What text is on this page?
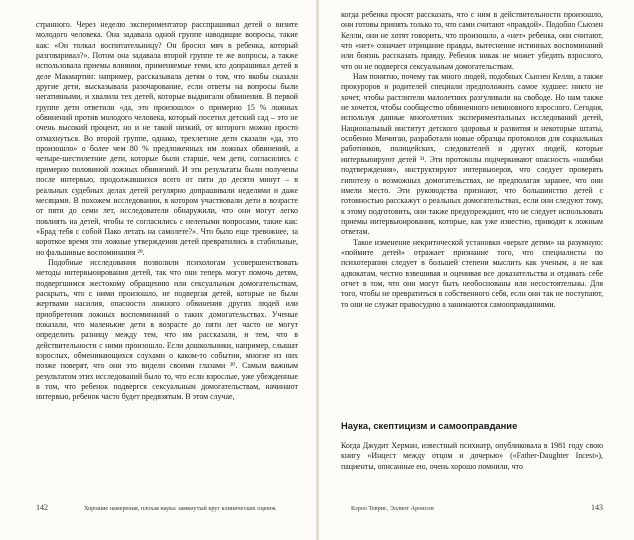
странного. Через неделю экспериментатор расспрашивал детей о визите молодого человека. Она задавала одной группе наводящие вопросы, такие как: «Он толкал воспитательницу? Он бросил мяч в ребенка, который разговаривал?». Потом она задавала второй группе те же вопросы, а также использовала приемы влияния, применяемые теми, кто допрашивал детей в деле Макмартин: например, рассказывала детям о том, что якобы сказали другие дети, высказывала разочарование, если ответы на вопросы были негативными, и хвалила тех детей, которые выдвигали обвинения. В первой группе дети ответили «да, это произошло» о примерно 15 % ложных обвинений против молодого человека, который посетил детский сад – это не очень высокий процент, но и не такой низкий, от которого можно просто отмахнуться. Во второй группе, однако, трехлетние дети сказали «да, это произошло» о более чем 80 % предложенных им ложных обвинений, а четыре-шестилетние дети, которые были старше, чем дети, согласились с примерно половиной ложных обвинений. И эти результаты были получены после интервью, продолжавшихся всего от пяти до десяти минут – в реальных судебных делах детей регулярно допрашивали неделями и даже месяцами. В похожем исследовании, в котором участвовали дети в возрасте от пяти до семи лет, исследователи обнаружили, что они могут легко повлиять на детей, чтобы те согласились с нелепыми вопросами, такие как: «Брад тебя с собой Пако летать на самолете?». Что было еще тревожнее, за короткое время эти ложные утверждения детей превратились в стабильные, но фальшивые воспоминания ²⁹.

Подобные исследования позволили психологам усовершенствовать методы интервьюирования детей, так что они теперь могут помочь детям, подвергшимся жестокому обращению или сексуальным домогательствам, раскрыть, что с ними произошло, не подвергая детей, которые не были жертвами насилия, опасности ложного обвинения других людей или приобретения ложных воспоминаний о таких домогательствах. Ученые показали, что маленькие дети в возрасте до пяти лет часто не могут определить разницу между тем, что им рассказали, и тем, что в действительности с ними произошло. Если дошкольники, например, слышат взрослых, обменивающихся слухами о каком-то событии, многие из них позже поверят, что они это видели своими глазами ³⁰. Самым важным результатом этих исследований было то, что если взрослые, уже убежденные в том, что ребенок подвергся сексуальным домогательствам, начинают интервью, ребенок часто будет предвзятым. В этом случае,

142	Хорошие намерения, плохая наука: замкнутый круг клинических оценок

когда ребенка просят рассказать, что с ним в действительности произошло, они готовы принять только то, что сами считают «правдой». Подобно Сьюзен Келли, они не хотят говорить, что произошло, а «нет» ребенка, они считают, что «нет» означает отрицание правды, вытеснение истинных воспоминаний или боязнь рассказать правду. Ребенок никак не может убедить взрослого, что он не подвергся сексуальным домогательствам.

Нам понятно, почему так много людей, подобных Сьюзен Келли, а также прокуроров и родителей специали предположить самое худшее: никто не хочет, чтобы растлители малолетних разгуливали на свободе. Но нам также не хочется, чтобы сообщество обвиненного невиновного взрослого. Сегодня, используя данные многолетних экспериментальных исследований детей, Национальный институт детского здоровья и развития и некоторые штаты, особенно Мичиган, разработали новые образцы протоколов для социальных работников, полицейских, следователей и других людей, которые интервьюируют детей ³¹. Эти протоколы подчеркивают опасность «ошибки подтверждения», инструктируют интервьюеров, что следует проверять гипотезу о возможных домогательствах, не предполагая заранее, что они имели место. Эти руководства признают, что большинство детей с готовностью расскажут о реальных домогательствах, если они следуют тому, к этому подготовить, они также предупреждают, что не следует использовать приемы интервьюирования, которые, как уже известно, приводят к ложным ответам.

Такое изменение некритической установки «верьте детям» на разумную: «поймите детей» отражает признание того, что специалисты по психотерапии следует в большей степени мыслить как ученым, а не как адвокатам, честно взвешивая и оценивая все доказательства и отдавать себе отчет в том, что они могут быть необоснованы или несостоятельны. Для того, чтобы не превратиться в собственного себя, если они так не поступают, то они не служат правосудию а занимаются самооправданиями.

Наука, скептицизм и самооправдание

Когда Джудит Херман, известный психиатр, опубликовала в 1981 году свою книгу «Инцест между отцом и дочерью» («Father-Daughter Incest»), пациенты, описанные ею, очень хорошо помнили, что

Кэрол Теврис, Эллиот Аронсон	143
